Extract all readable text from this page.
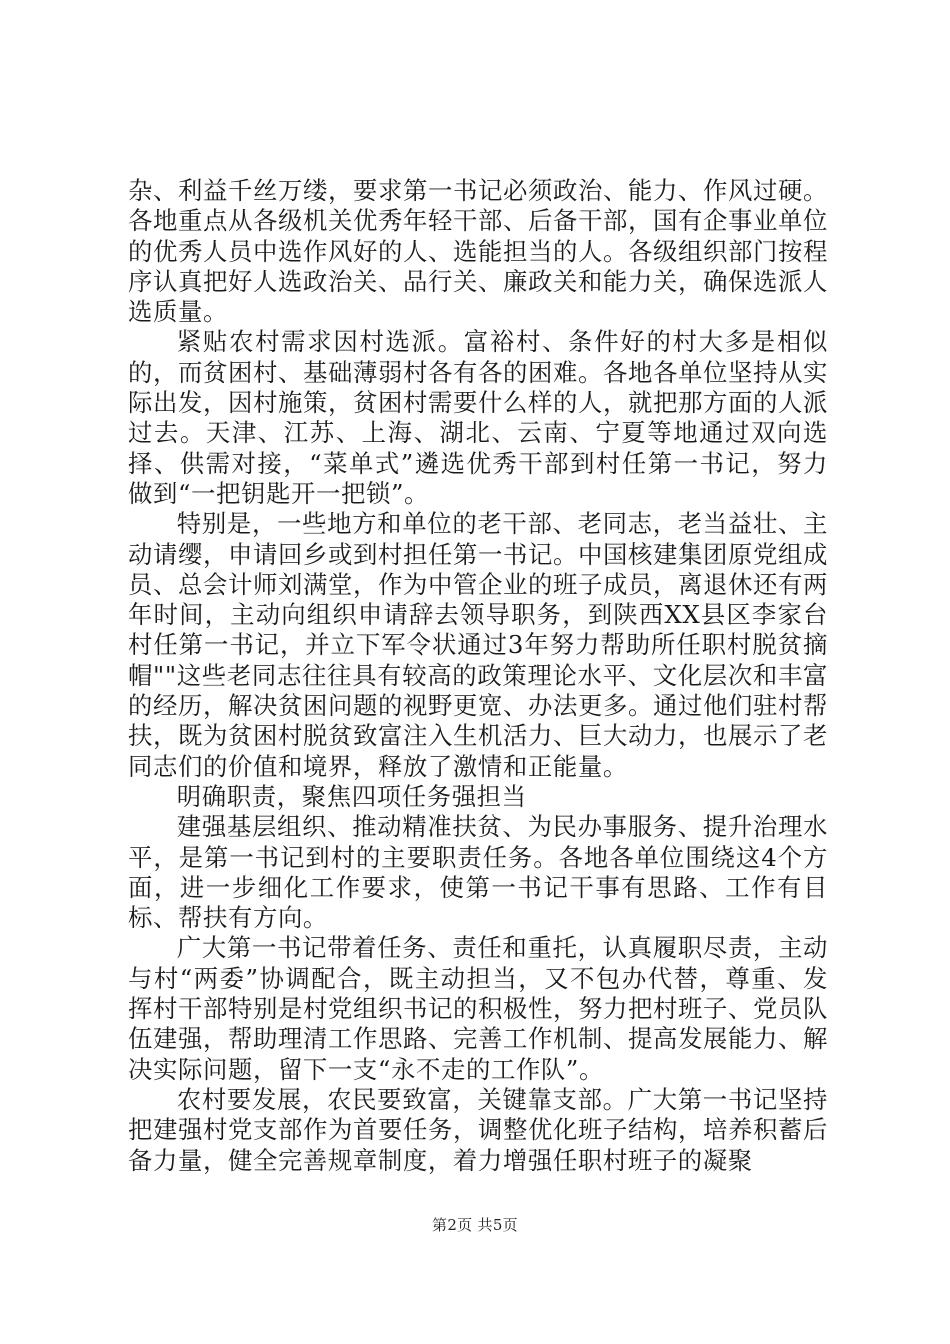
杂、利益千丝万缕，要求第一书记必须政治、能力、作风过硬。各地重点从各级机关优秀年轻干部、后备干部，国有企事业单位的优秀人员中选作风好的人、选能担当的人。各级组织部门按程序认真把好人选政治关、品行关、廉政关和能力关，确保选派人选质量。

紧贴农村需求因村选派。富裕村、条件好的村大多是相似的，而贫困村、基础薄弱村各有各的困难。各地各单位坚持从实际出发，因村施策，贫困村需要什么样的人，就把那方面的人派过去。天津、江苏、上海、湖北、云南、宁夏等地通过双向选择、供需对接，“菜单式”遴选优秀干部到村任第一书记，努力做到“一把钥匙开一把锁”。

特别是，一些地方和单位的老干部、老同志，老当益壮、主动请缨，申请回乡或到村担任第一书记。中国核建集团原党组成员、总会计师刘满堂，作为中管企业的班子成员，离退休还有两年时间，主动向组织申请辞去领导职务，到陕西XX县区李家台村任第一书记，并立下军令状通过3年努力帮助所任职村脱贫摘帽""这些老同志往往具有较高的政策理论水平、文化层次和丰富的经历，解决贫困问题的视野更宽、办法更多。通过他们驻村帮扶，既为贫困村脱贫致富注入生机活力、巨大动力，也展示了老同志们的价值和境界，释放了激情和正能量。

明确职责，聚焦四项任务强担当

建强基层组织、推动精准扶贫、为民办事服务、提升治理水平，是第一书记到村的主要职责任务。各地各单位围绕这4个方面，进一步细化工作要求，使第一书记干事有思路、工作有目标、帮扶有方向。

广大第一书记带着任务、责任和重托，认真履职尽责，主动与村“两委”协调配合，既主动担当，又不包办代替，尊重、发挥村干部特别是村党组织书记的积极性，努力把村班子、党员队伍建强，帮助理清工作思路、完善工作机制、提高发展能力、解决实际问题，留下一支“永不走的工作队”。

农村要发展，农民要致富，关键靠支部。广大第一书记坚持把建强村党支部作为首要任务，调整优化班子结构，培养积蓄后备力量，健全完善规章制度，着力增强任职村班子的凝聚

第2页 共5页
